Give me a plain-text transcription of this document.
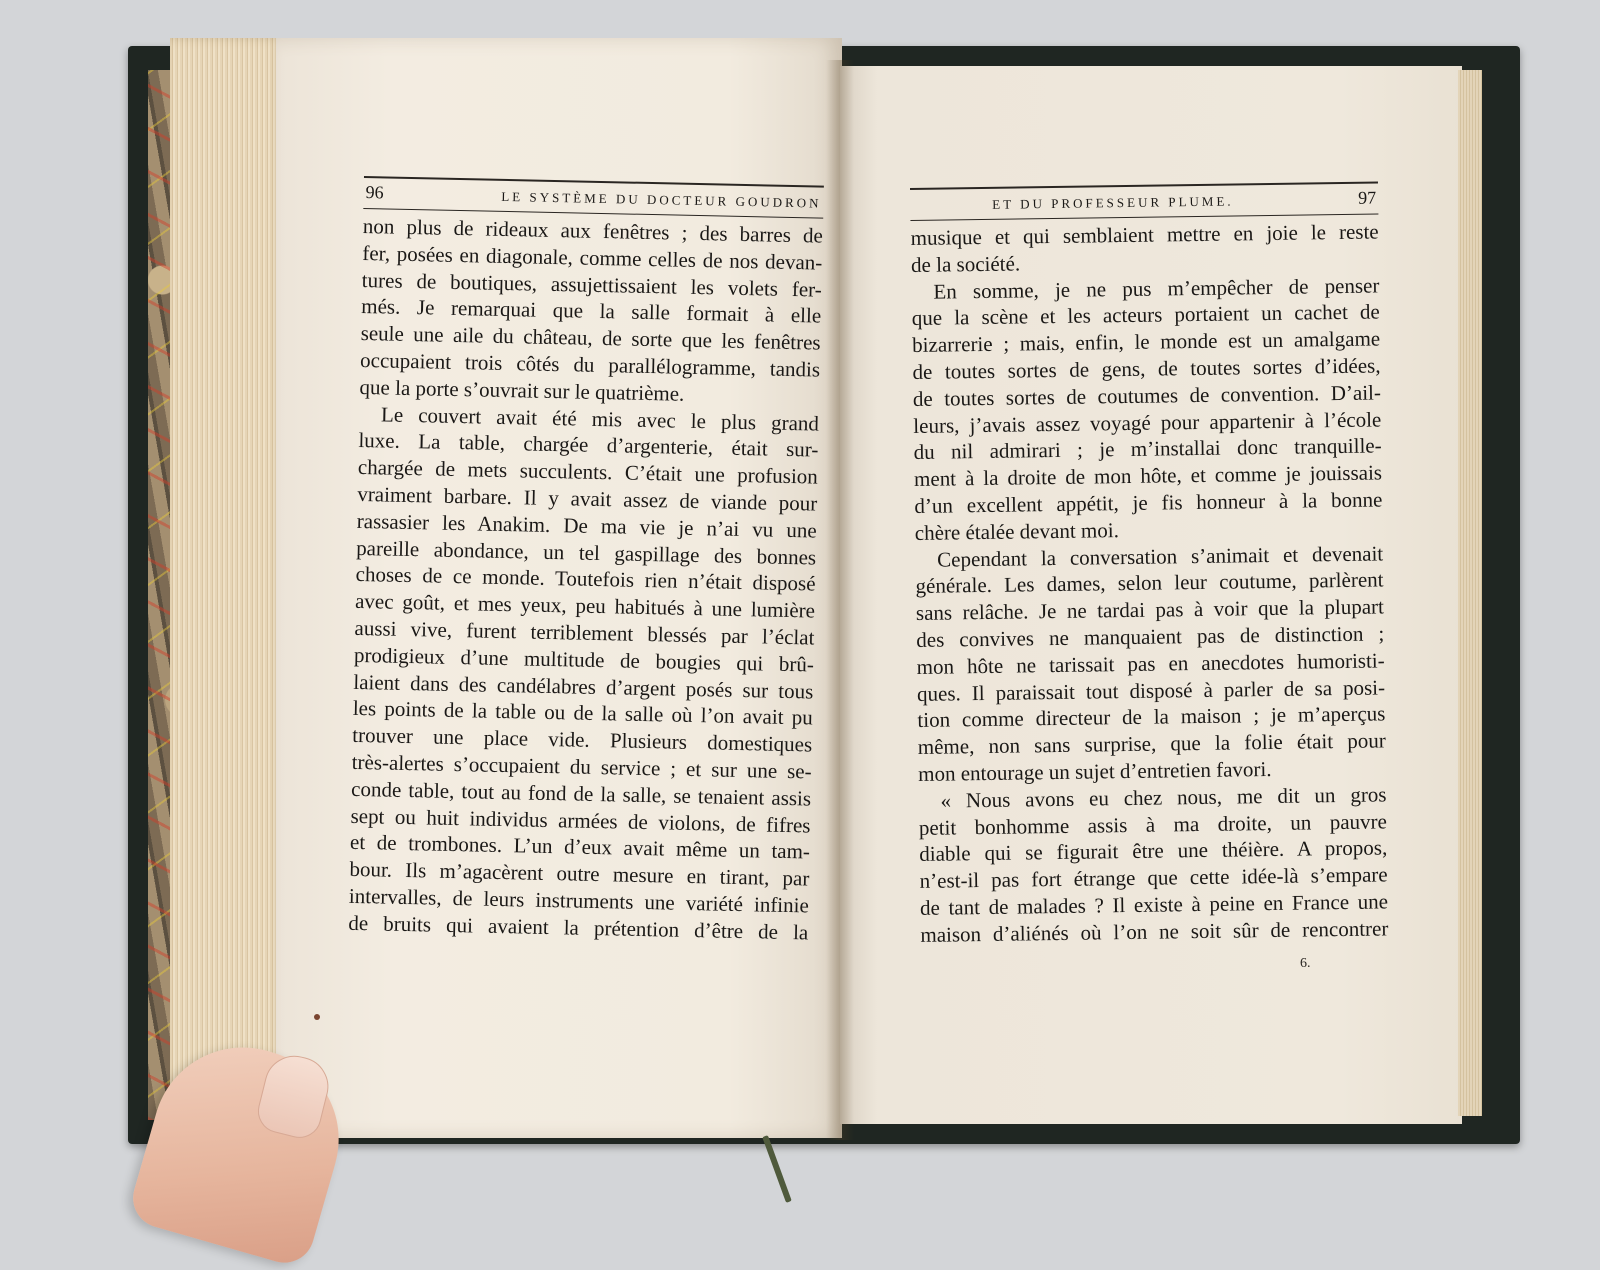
96	LE SYSTÈME DU DOCTEUR GOUDRON
non plus de rideaux aux fenêtres ; des barres de
fer, posées en diagonale, comme celles de nos devan-
tures de boutiques, assujettissaient les volets fer-
més. Je remarquai que la salle formait à elle
seule une aile du château, de sorte que les fenêtres
occupaient trois côtés du parallélogramme, tandis
que la porte s’ouvrait sur le quatrième.
Le couvert avait été mis avec le plus grand
luxe. La table, chargée d’argenterie, était sur-
chargée de mets succulents. C’était une profusion
vraiment barbare. Il y avait assez de viande pour
rassasier les Anakim. De ma vie je n’ai vu une
pareille abondance, un tel gaspillage des bonnes
choses de ce monde. Toutefois rien n’était disposé
avec goût, et mes yeux, peu habitués à une lumière
aussi vive, furent terriblement blessés par l’éclat
prodigieux d’une multitude de bougies qui brû-
laient dans des candélabres d’argent posés sur tous
les points de la table ou de la salle où l’on avait pu
trouver une place vide. Plusieurs domestiques
très-alertes s’occupaient du service ; et sur une se-
conde table, tout au fond de la salle, se tenaient assis
sept ou huit individus armées de violons, de fifres
et de trombones. L’un d’eux avait même un tam-
bour. Ils m’agacèrent outre mesure en tirant, par
intervalles, de leurs instruments une variété infinie
de bruits qui avaient la prétention d’être de la
ET DU PROFESSEUR PLUME.	97
musique et qui semblaient mettre en joie le reste
de la société.
En somme, je ne pus m’empêcher de penser
que la scène et les acteurs portaient un cachet de
bizarrerie ; mais, enfin, le monde est un amalgame
de toutes sortes de gens, de toutes sortes d’idées,
de toutes sortes de coutumes de convention. D’ail-
leurs, j’avais assez voyagé pour appartenir à l’école
du nil admirari ; je m’installai donc tranquille-
ment à la droite de mon hôte, et comme je jouissais
d’un excellent appétit, je fis honneur à la bonne
chère étalée devant moi.
Cependant la conversation s’animait et devenait
générale. Les dames, selon leur coutume, parlèrent
sans relâche. Je ne tardai pas à voir que la plupart
des convives ne manquaient pas de distinction ;
mon hôte ne tarissait pas en anecdotes humoristi-
ques. Il paraissait tout disposé à parler de sa posi-
tion comme directeur de la maison ; je m’aperçus
même, non sans surprise, que la folie était pour
mon entourage un sujet d’entretien favori.
« Nous avons eu chez nous, me dit un gros
petit bonhomme assis à ma droite, un pauvre
diable qui se figurait être une théière. A propos,
n’est-il pas fort étrange que cette idée-là s’empare
de tant de malades ? Il existe à peine en France une
maison d’aliénés où l’on ne soit sûr de rencontrer
6.
